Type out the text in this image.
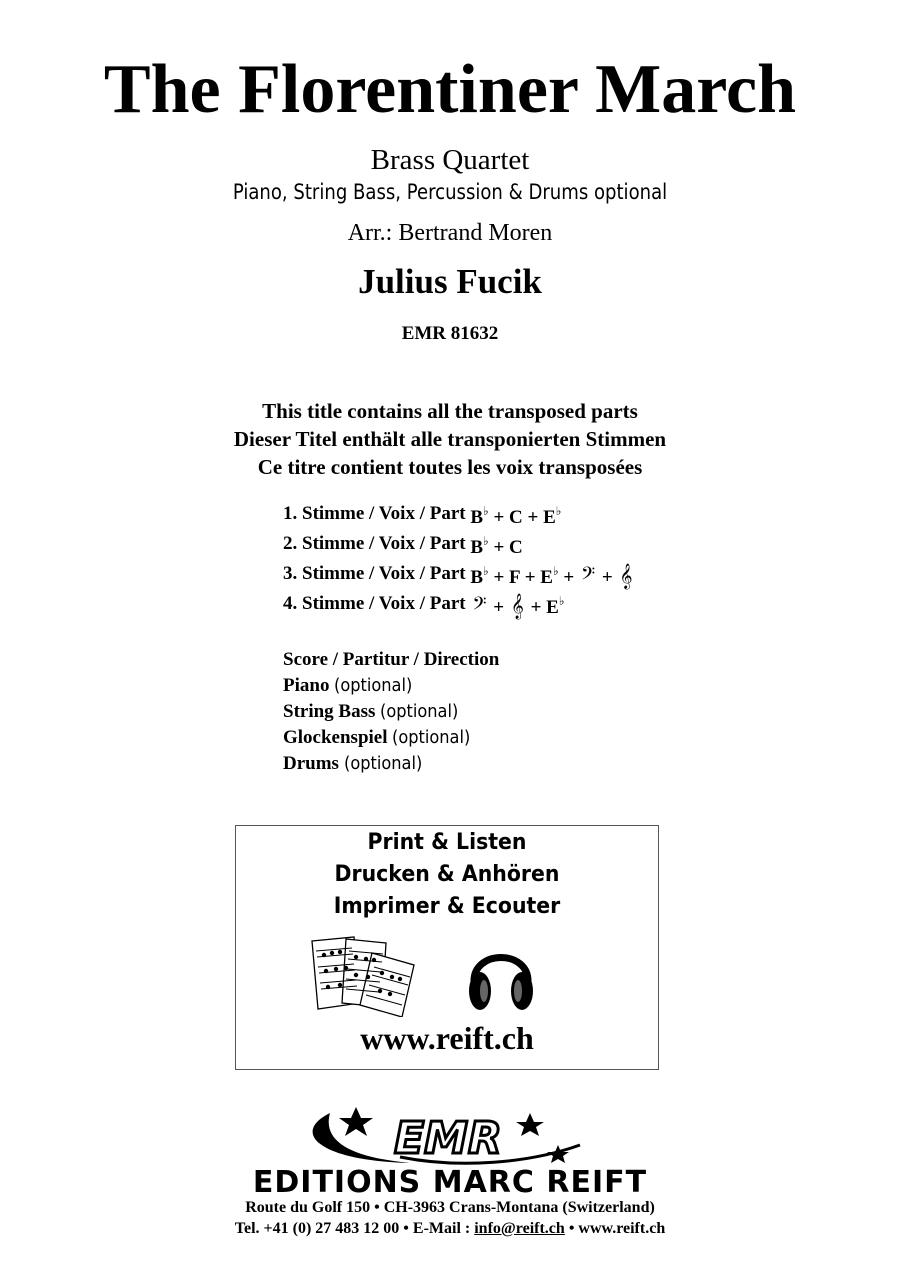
The Florentiner March
Brass Quartet
Piano, String Bass, Percussion & Drums optional
Arr.: Bertrand Moren
Julius Fucik
EMR 81632
This title contains all the transposed parts
Dieser Titel enthält alle transponierten Stimmen
Ce titre contient toutes les voix transposées
1. Stimme / Voix / Part
B♭ + C + E♭
2. Stimme / Voix / Part
B♭ + C
3. Stimme / Voix / Part
B♭ + F + E♭ + 𝄢 + 𝄞
4. Stimme / Voix / Part
𝄢 + 𝄞 + E♭
Score / Partitur / Direction
Piano (optional)
String Bass (optional)
Glockenspiel (optional)
Drums (optional)
Print & Listen
Drucken & Anhören
Imprimer & Ecouter
www.reift.ch
EMR
EDITIONS MARC REIFT
Route du Golf 150 • CH-3963 Crans-Montana (Switzerland)
Tel. +41 (0) 27 483 12 00 • E-Mail : info@reift.ch • www.reift.ch
